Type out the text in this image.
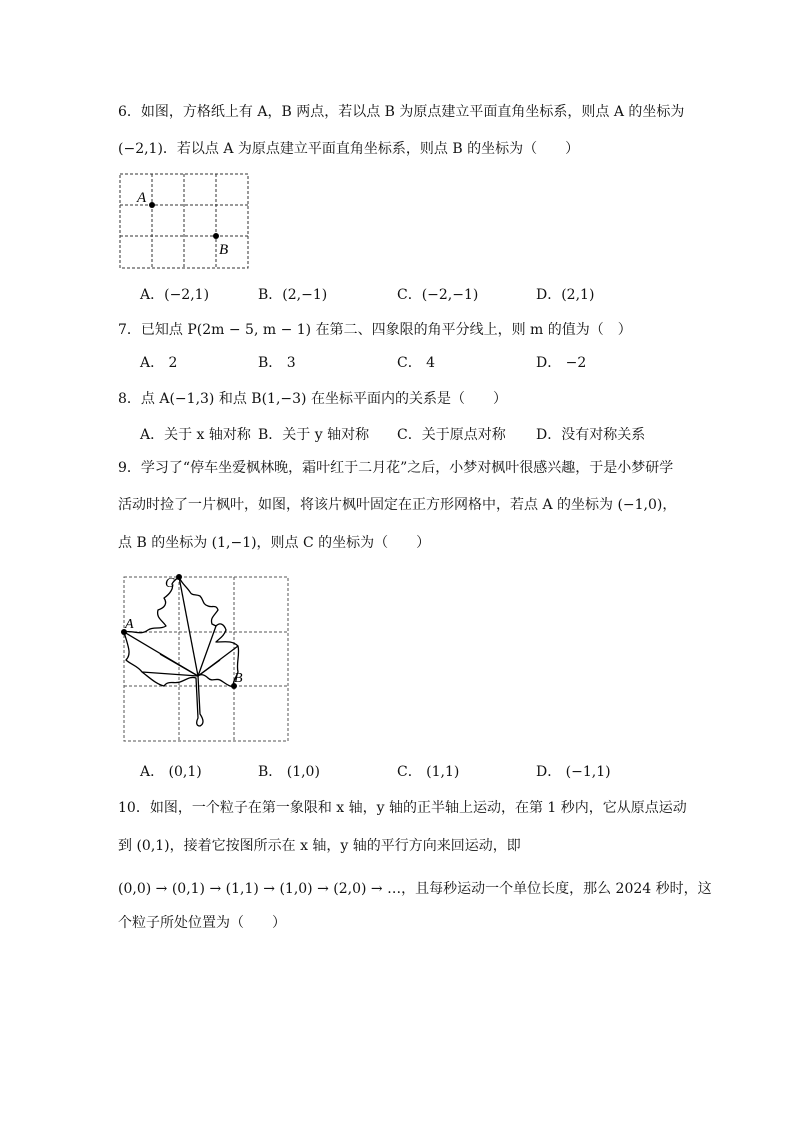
6．如图，方格纸上有 A，B 两点，若以点 B 为原点建立平面直角坐标系，则点 A 的坐标为
(−2,1)．若以点 A 为原点建立平面直角坐标系，则点 B 的坐标为（　　）
A
B
A．(−2,1)	B．(2,−1)	C．(−2,−1)	D．(2,1)
7．已知点 P(2m − 5, m − 1) 在第二、四象限的角平分线上，则 m 的值为（　）
A． 2	B． 3	C． 4	D． −2
8．点 A(−1,3) 和点 B(1,−3) 在坐标平面内的关系是（　　）
A．关于 x 轴对称 B．关于 y 轴对称 C．关于原点对称 D．没有对称关系
9．学习了“停车坐爱枫林晚，霜叶红于二月花”之后，小梦对枫叶很感兴趣，于是小梦研学
活动时捡了一片枫叶，如图，将该片枫叶固定在正方形网格中，若点 A 的坐标为 (−1,0)，
点 B 的坐标为 (1,−1)，则点 C 的坐标为（　　）
A
B
C
A． (0,1)	B． (1,0)	C． (1,1)	D． (−1,1)
10．如图，一个粒子在第一象限和 x 轴，y 轴的正半轴上运动，在第 1 秒内，它从原点运动
到 (0,1)，接着它按图所示在 x 轴，y 轴的平行方向来回运动，即
(0,0) → (0,1) → (1,1) → (1,0) → (2,0) → …，且每秒运动一个单位长度，那么 2024 秒时，这
个粒子所处位置为（　　）
